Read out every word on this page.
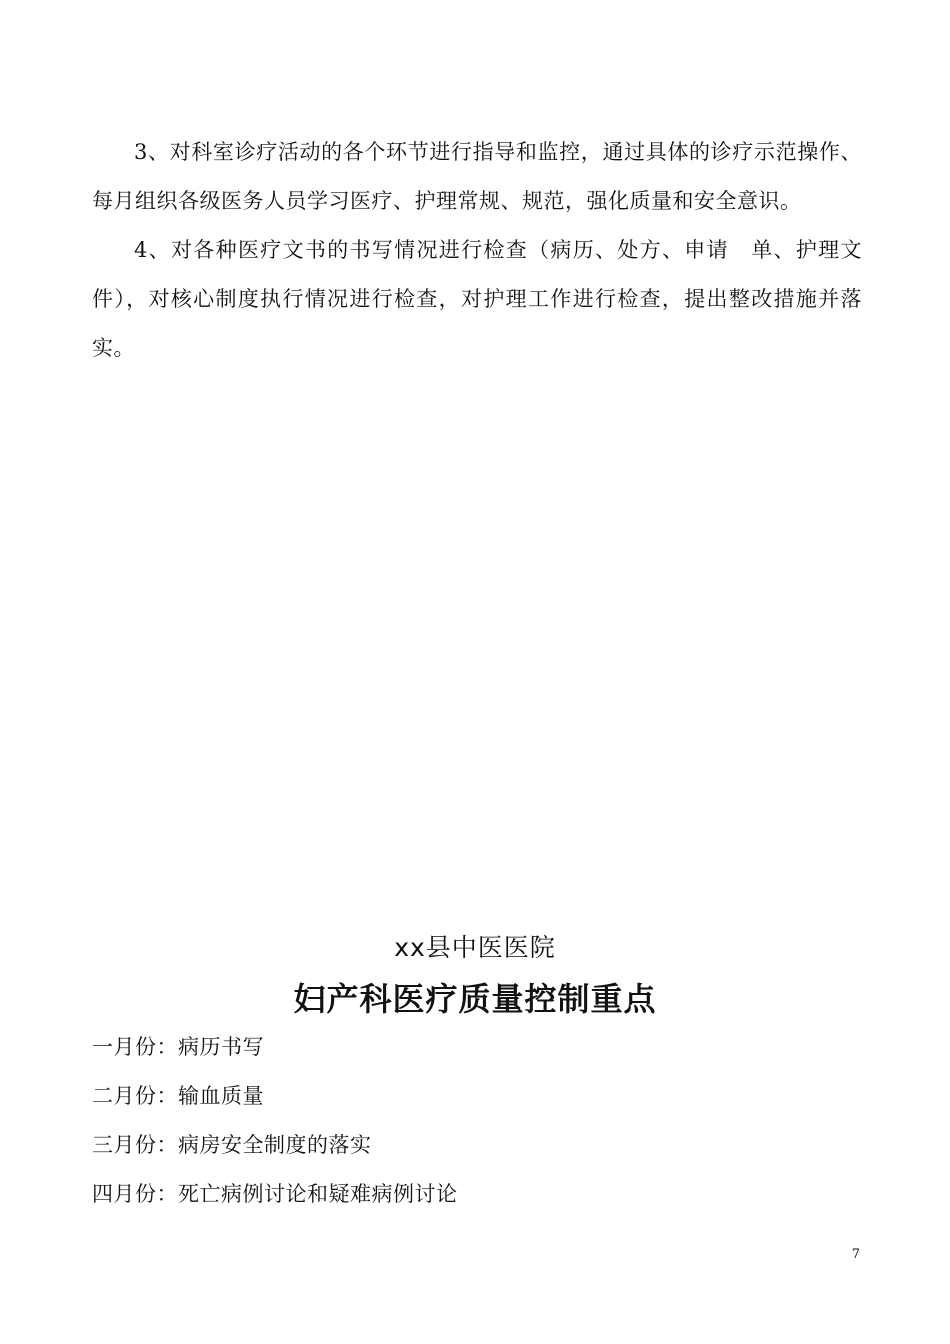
3、对科室诊疗活动的各个环节进行指导和监控，通过具体的诊疗示范操作、每月组织各级医务人员学习医疗、护理常规、规范，强化质量和安全意识。

4、对各种医疗文书的书写情况进行检查（病历、处方、申请　单、护理文件），对核心制度执行情况进行检查，对护理工作进行检查，提出整改措施并落实。

xx县中医医院
妇产科医疗质量控制重点
一月份：病历书写
二月份：输血质量
三月份：病房安全制度的落实
四月份：死亡病例讨论和疑难病例讨论
7
